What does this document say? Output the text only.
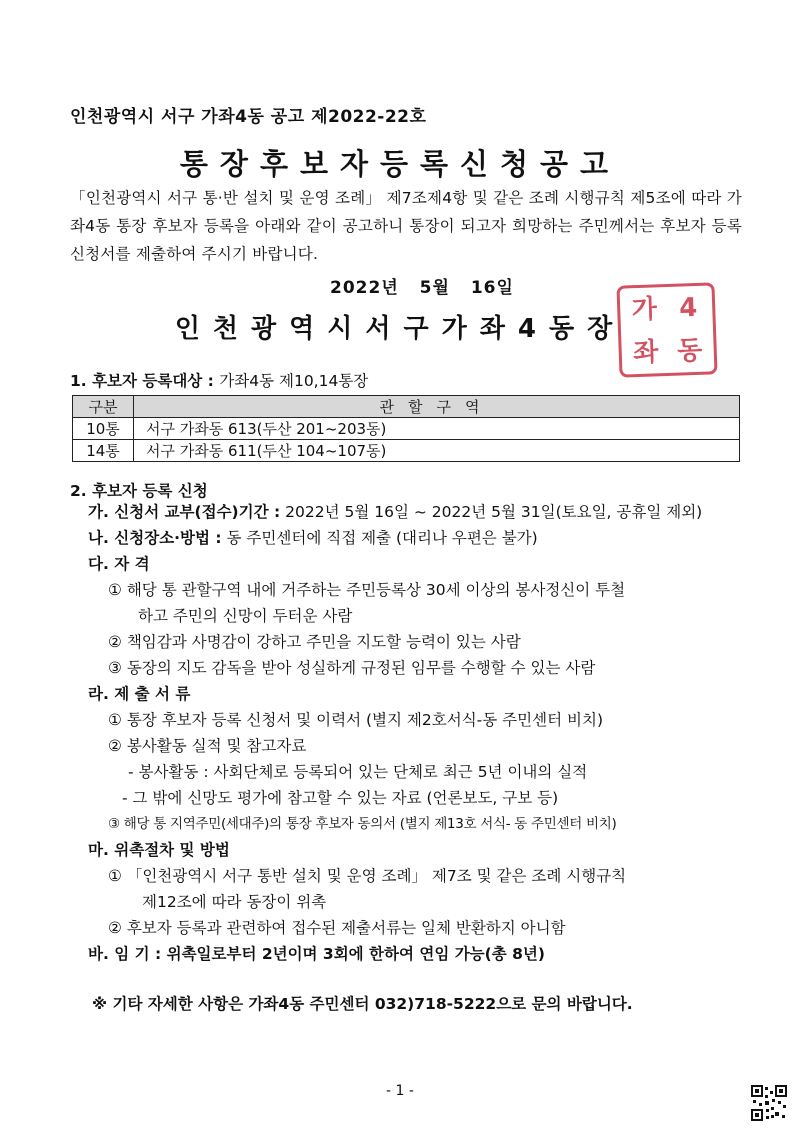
인천광역시 서구 가좌4동 공고 제2022-22호
통장후보자등록신청공고
「인천광역시 서구 통·반 설치 및 운영 조례」 제7조제4항 및 같은 조례 시행규칙 제5조에 따라 가좌4동 통장 후보자 등록을 아래와 같이 공고하니 통장이 되고자 희망하는 주민께서는 후보자 등록신청서를 제출하여 주시기 바랍니다.
2022년 5월 16일
인천광역시서구가좌4동장
가 4
좌 동
1. 후보자 등록대상 : 가좌4동 제10,14통장
구분	관할구역
10통	서구 가좌동 613(두산 201~203동)
14통	서구 가좌동 611(두산 104~107동)
2. 후보자 등록 신청
가. 신청서 교부(접수)기간 : 2022년 5월 16일 ~ 2022년 5월 31일(토요일, 공휴일 제외)
나. 신청장소·방법 : 동 주민센터에 직접 제출 (대리나 우편은 불가)
다. 자 격
① 해당 통 관할구역 내에 거주하는 주민등록상 30세 이상의 봉사정신이 투철
하고 주민의 신망이 두터운 사람
② 책임감과 사명감이 강하고 주민을 지도할 능력이 있는 사람
③ 동장의 지도 감독을 받아 성실하게 규정된 임무를 수행할 수 있는 사람
라. 제 출 서 류
① 통장 후보자 등록 신청서 및 이력서 (별지 제2호서식-동 주민센터 비치)
② 봉사활동 실적 및 참고자료
- 봉사활동 : 사회단체로 등록되어 있는 단체로 최근 5년 이내의 실적
- 그 밖에 신망도 평가에 참고할 수 있는 자료 (언론보도, 구보 등)
③ 해당 통 지역주민(세대주)의 통장 후보자 동의서 (별지 제13호 서식- 동 주민센터 비치)
마. 위촉절차 및 방법
① 「인천광역시 서구 통반 설치 및 운영 조례」 제7조 및 같은 조례 시행규칙
제12조에 따라 동장이 위촉
② 후보자 등록과 관련하여 접수된 제출서류는 일체 반환하지 아니함
바. 임 기 : 위촉일로부터 2년이며 3회에 한하여 연임 가능(총 8년)
※ 기타 자세한 사항은 가좌4동 주민센터 032)718-5222으로 문의 바랍니다.
- 1 -
